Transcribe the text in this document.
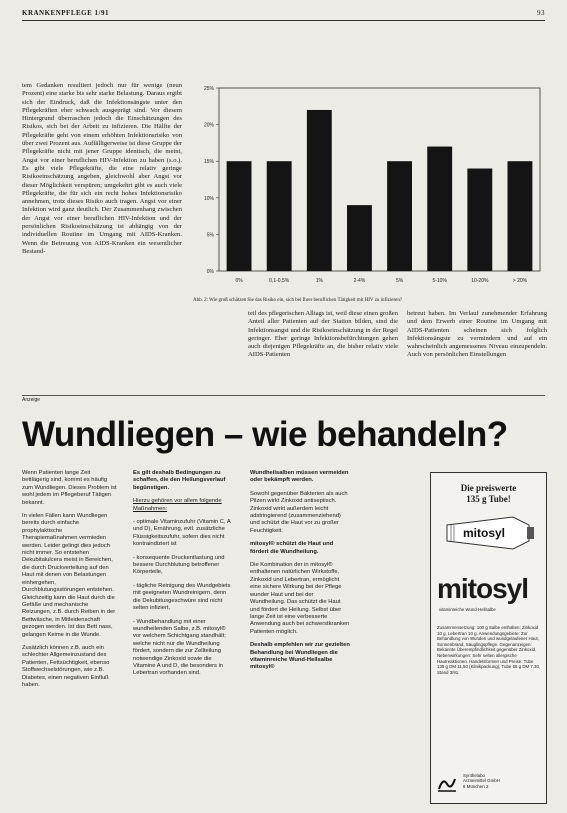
KRANKENPFLEGE 1/91	93
tem Gedanken resultiert jedoch nur für wenige (neun Prozent) eine starke bis sehr starke Belastung. Daraus ergibt sich der Eindruck, daß die Infektionsängste unter den Pflegekräften eher schwach ausgeprägt sind. Vor diesem Hintergrund überraschen jedoch die Einschätzungen des Risikos, sich bei der Arbeit zu infizieren. Die Hälfte der Pflegekräfte geht von einem erhöhten Infektionsrisiko von über zwei Prozent aus. Auffälligerweise ist diese Gruppe der Pflegekräfte nicht mit jener Gruppe identisch, die meint, Angst vor einer beruflichen HIV-Infektion zu haben (s.o.). Es gibt viele Pflegekräfte, die eine relativ geringe Risikoeinschätzung angeben, gleichwohl aber Angst vor dieser Möglichkeit verspüren; umgekehrt gibt es auch viele Pflegekräfte, die für sich ein recht hohes Infektionsrisiko annehmen, trotz dieses Risiko auch tragen. Angst vor einer Infektion wird ganz deutlich. Der Zusammenhang zwischen der Angst vor einer beruflichen HIV-Infektion und der persönlichen Risikoeinschätzung ist abhängig von der individuellen Routine im Umgang mit AIDS-Kranken. Wenn die Betreuung von AIDS-Kranken ein wesentlicher Bestand-
25%
20%
15%
10%
5%
0%
0%	0,1-0,5%	1%	2-4%	5%	5-10%	10-20%	> 20%
Abb. 2: Wie groß schätzen Sie das Risiko ein, sich bei Ihrer beruflichen Tätigkeit mit HIV zu infizieren?
teil des pflegerischen Alltags ist, weil diese einen großen Anteil aller Patienten auf der Station bilden, sind die Infektionsangst und die Risikoeinschätzung in der Regel geringer. Eher geringe Infektionsbefürchtungen gehen auch diejenigen Pflegekräfte an, die bisher relativ viele AIDS-Patienten
betreut haben. Im Verlauf zunehmender Erfahrung und dem Erwerb einer Routine im Umgang mit AIDS-Patienten scheinen sich folglich Infektionsängste zu vermindern und auf ein wahrscheinlich angemessenes Niveau einzupendeln. Auch von persönlichen Einstellungen
Anzeige
Wundliegen – wie behandeln?

Wenn Patienten lange Zeit bettlägerig sind, kommt es häufig zum Wundliegen. Dieses Problem ist wohl jedem im Pflegeberuf Tätigen bekannt.

In vielen Fällen kann Wundliegen bereits durch einfache prophylaktische Therapiemaßnahmen vermieden werden. Leider gelingt dies jedoch nicht immer. So entstehen Dekubitalulcera meist in Bereichen, die durch Druckverteilung auf den Haut mit denen von Belastungen einhergehen, Durchblutungsstörungen entstehen. Gleichzeitig kann die Haut durch die Gefäße und mechanische Reizungen, z.B. durch Reiben in der Bettwäsche, in Mitleidenschaft gezogen werden. Ist das Bett nass, gelangen Keime in die Wunde.

Zusätzlich können z.B. auch ein schlechter Allgemeinzustand des Patienten, Fettsüchtigkeit, ebenso Stoffwechselstörungen, wie z.B. Diabetes, einen negativen Einfluß haben.

Es gilt deshalb Bedingungen zu schaffen, die den Heilungsverlauf begünstigen.

Hierzu gehören vor allem folgende Maßnahmen:

- optimale Vitaminzufuhr (Vitamin C, A und D), Ernährung, evtl. zusätzliche Flüssigkeitszufuhr, sofern dies nicht kontraindiziert ist

- konsequente Druckentlastung und bessere Durchblutung betroffener Körperteile,

- tägliche Reinigung des Wundgebiets mit geeigneten Wundreinigern, denn die Dekubitusgeschwüre sind nicht selten infiziert,

- Wundbehandlung mit einer wundheilenden Salbe, z.B. mitosyl® vor welchem Schichtgang standhält; welche nicht nur die Wundheilung fördert, sondern die zur Zellteilung notwendige Zinkoxid sowie die Vitamine A und D, die besonders in Lebertran vorhanden sind.

Wundheilsalben müssen vermeiden oder bekämpft werden.

Sowohl gegenüber Bakterien als auch Pilzen wirkt Zinkoxid antiseptisch. Zinkoxid wirkt außerdem leicht adstringierend (zusammenziehend) und schützt die Haut vor zu großer Feuchtigkeit.

mitosyl® schützt die Haut und fördert die Wundheilung.

Die Kombination der in mitosyl® enthaltenen natürlichen Wirkstoffe, Zinkoxid und Lebertran, ermöglicht eine sichere Wirkung bei der Pflege wunder Haut und bei der Wundheilung. Das schützt die Haut und fördert die Heilung. Selbst über lange Zeit ist eine verbesserte Anwendung auch bei schwerstkranken Patienten möglich.

Deshalb empfehlen wir zur gezielten Behandlung bei Wundliegen die vitaminreiche Wund-Heilsalbe mitosyl®

Die preiswerte
135 g Tube!
mitosyl
mitosyl
vitaminreiche Wund-Heilsalbe
Zusammensetzung: 100 g Salbe enthalten: Zinkoxid 10 g, Lebertran 10 g. Anwendungsgebiete: Zur Behandlung von Wunden und wundgelaufener Haut, Sonnenbrand, Säuglingspflege. Gegenanzeigen: Bekannte Überempfindlichkeit gegenüber Zinkoxid. Nebenwirkungen: Sehr selten allergische Hautreaktionen. Handelsformen und Preise: Tube 135 g DM 11,50 (Klinikpackung), Tube 65 g DM 7,30, Stand 3/91.
Synthelabo
Arzneimittel GmbH
8 München 2
